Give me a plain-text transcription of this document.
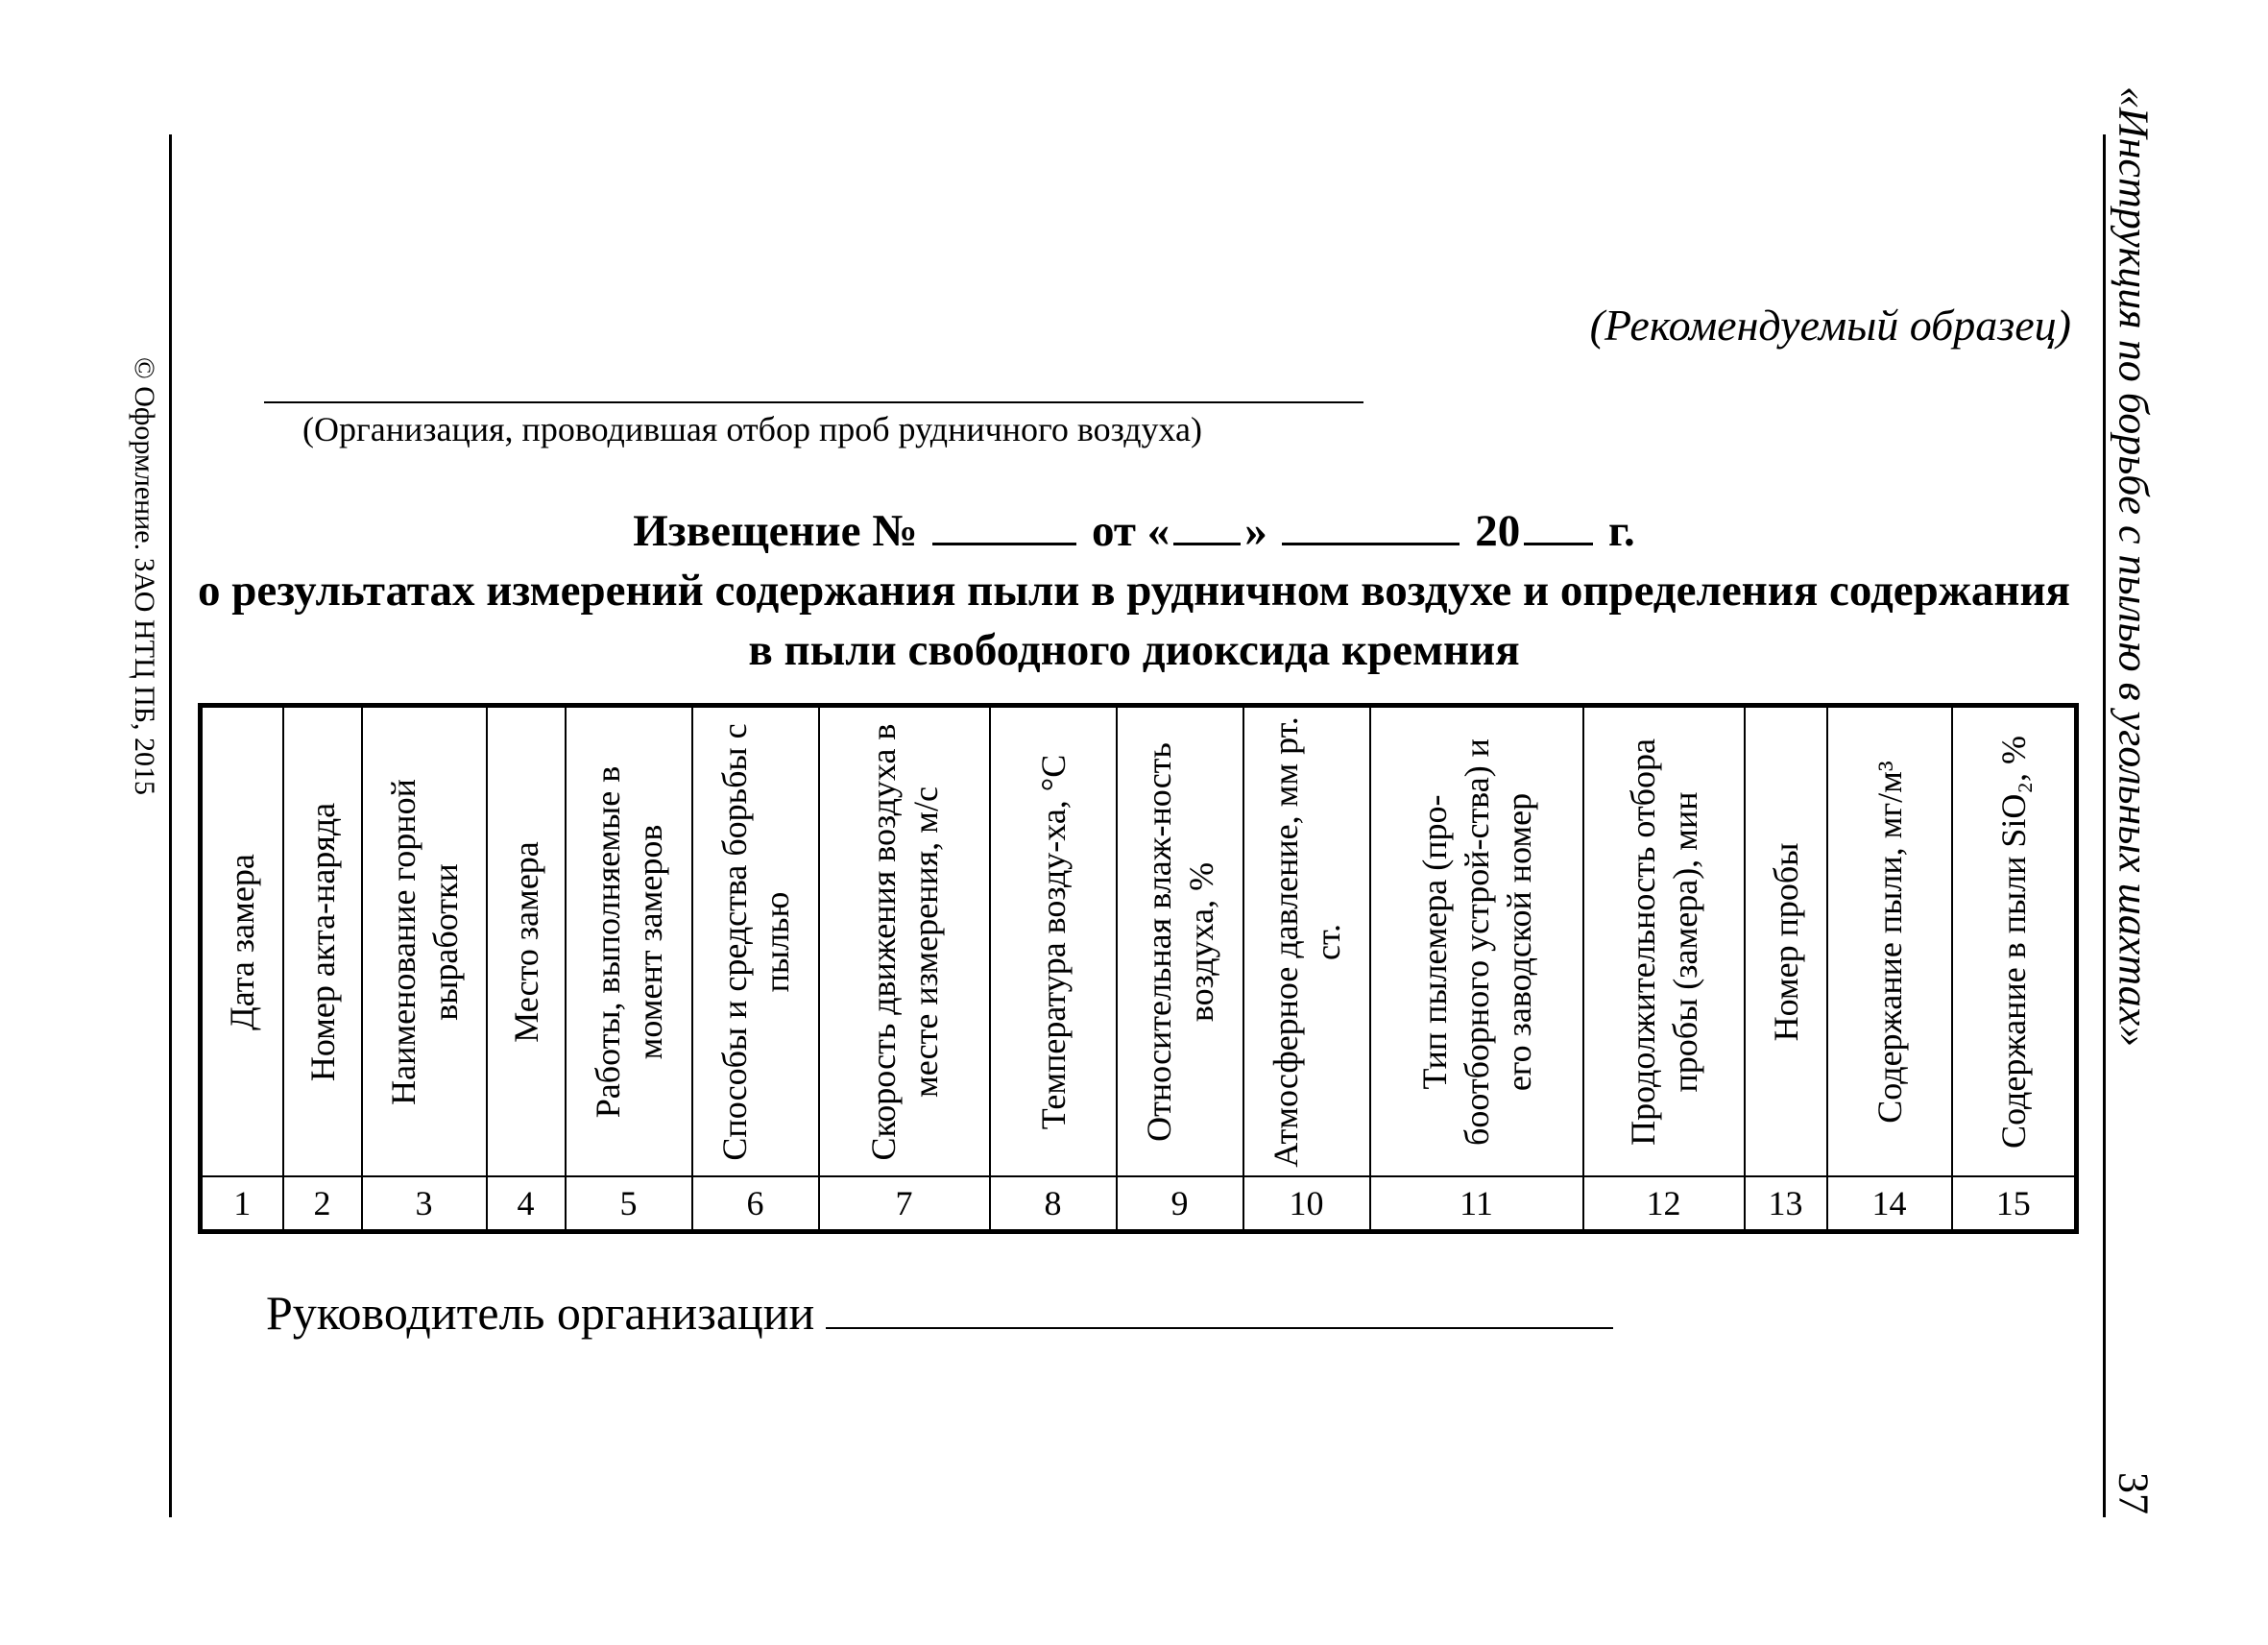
© Оформление. ЗАО НТЦ ПБ, 2015	«Инструкция по борьбе с пылью в угольных шахтах»
37
(Рекомендуемый образец)
(Организация, проводившая отбор проб рудничного воздуха)
Извещение №	от « »	20 г.
о результатах измерений содержания пыли в рудничном воздухе и определения содержания
в пыли свободного диоксида кремния
Дата замера	Номер акта-наряда	Наименование горной выработки	Место замера	Работы, выполняемые в момент замеров	Способы и средства борьбы с пылью	Скорость движения воздуха в месте измерения, м/с	Температура возду-ха, °С	Относительная влаж-ность воздуха, %	Атмосферное давление, мм рт. ст.	Тип пылемера (про-боотборного устрой-ства) и его заводской номер	Продолжительность отбора пробы (замера), мин	Номер пробы	Содержание пыли, мг/м³	Содержание в пыли SiO₂, %

1	2	3	4	5	6	7	8	9	10	11	12	13	14	15
Руководитель организации
